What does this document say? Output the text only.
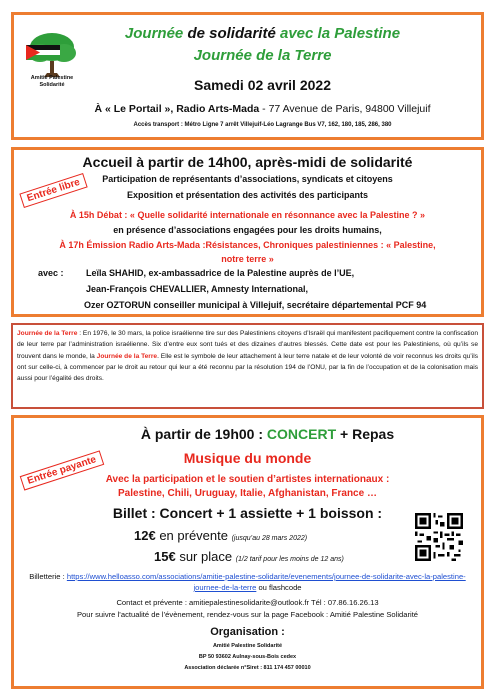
Amitié Palestine Solidarité
Journée de solidarité avec la Palestine
Journée de la Terre
Samedi 02 avril 2022
À « Le Portail », Radio Arts-Mada - 77 Avenue de Paris, 94800 Villejuif
Accès transport : Métro Ligne 7 arrêt Villejuif-Léo Lagrange Bus V7, 162, 180, 185, 286, 380
Accueil à partir de 14h00, après-midi de solidarité
Participation de représentants d’associations, syndicats et citoyens
Exposition et présentation des activités des participants
À 15h Débat : « Quelle solidarité internationale en résonnance avec la Palestine ? »
en présence d’associations engagées pour les droits humains,
À 17h Émission Radio Arts-Mada :Résistances, Chroniques palestiniennes : « Palestine,
notre terre »
avec : Leïla SHAHID, ex-ambassadrice de la Palestine auprès de l’UE,
Jean-François CHEVALLIER, Amnesty International,
Ozer OZTORUN conseiller municipal à Villejuif, secrétaire départemental PCF 94
Entrée libre

Journée de la Terre : En 1976, le 30 mars, la police israélienne tire sur des Palestiniens citoyens d’Israël qui manifestent pacifiquement contre la confiscation de leur terre par l’administration israélienne. Six d’entre eux sont tués et des dizaines d’autres blessés. Cette date est pour les Palestiniens, où qu’ils se trouvent dans le monde, la Journée de la Terre. Elle est le symbole de leur attachement à leur terre natale et de leur volonté de voir reconnus les droits qu’ils ont sur celle-ci, à commencer par le droit au retour qui leur a été reconnu par la résolution 194 de l’ONU, par la fin de l’occupation et de la colonisation mais aussi pour l’égalité des droits.

À partir de 19h00 : CONCERT + Repas
Musique du monde
Avec la participation et le soutien d’artistes internationaux :
Palestine, Chili, Uruguay, Italie, Afghanistan, France …
Billet : Concert + 1 assiette + 1 boisson :
12€ en prévente (jusqu’au 28 mars 2022)
15€ sur place (1/2 tarif pour les moins de 12 ans)
Billetterie : https://www.helloasso.com/associations/amitie-palestine-solidarite/evenements/journee-de-solidarite-avec-la-palestine-journee-de-la-terre ou flashcode
Contact et prévente : amitiepalestinesolidarite@outlook.fr Tél : 07.86.16.26.13
Pour suivre l’actualité de l’évènement, rendez-vous sur la page Facebook : Amitié Palestine Solidarité
Organisation :
Amitié Palestine Solidarité
BP 50 93602 Aulnay-sous-Bois cedex
Association déclarée n°Siret : 811 174 457 00010
Entrée payante
